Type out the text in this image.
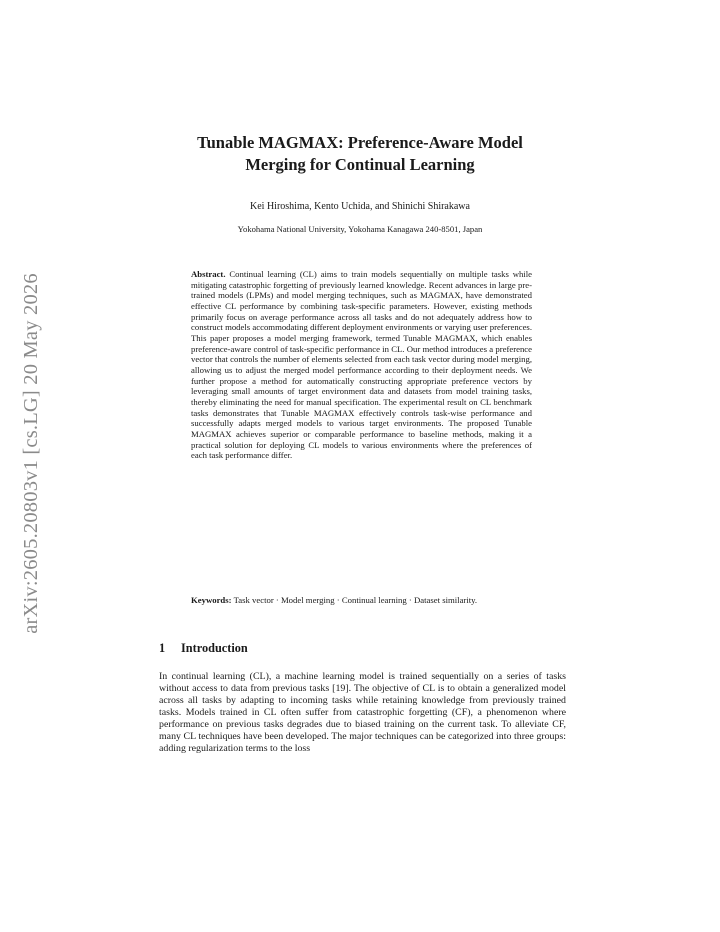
arXiv:2605.20803v1 [cs.LG] 20 May 2026
Tunable MAGMAX: Preference-Aware Model
Merging for Continual Learning
Kei Hiroshima, Kento Uchida, and Shinichi Shirakawa
Yokohama National University, Yokohama Kanagawa 240-8501, Japan

Abstract. Continual learning (CL) aims to train models sequentially on multiple tasks while mitigating catastrophic forgetting of previously learned knowledge. Recent advances in large pre-trained models (LPMs) and model merging techniques, such as MAGMAX, have demonstrated effective CL performance by combining task-specific parameters. However, existing methods primarily focus on average performance across all tasks and do not adequately address how to construct models accommodating different deployment environments or varying user preferences. This paper proposes a model merging framework, termed Tunable MAGMAX, which enables preference-aware control of task-specific performance in CL. Our method introduces a preference vector that controls the number of elements selected from each task vector during model merging, allowing us to adjust the merged model performance according to their deployment needs. We further propose a method for automatically constructing appropriate preference vectors by leveraging small amounts of target environment data and datasets from model training tasks, thereby eliminating the need for manual specification. The experimental result on CL benchmark tasks demonstrates that Tunable MAGMAX effectively controls task-wise performance and successfully adapts merged models to various target environments. The proposed Tunable MAGMAX achieves superior or comparable performance to baseline methods, making it a practical solution for deploying CL models to various environments where the preferences of each task performance differ.

Keywords: Task vector · Model merging · Continual learning · Dataset similarity.

1 Introduction

In continual learning (CL), a machine learning model is trained sequentially on a series of tasks without access to data from previous tasks [19]. The objective of CL is to obtain a generalized model across all tasks by adapting to incoming tasks while retaining knowledge from previously trained tasks. Models trained in CL often suffer from catastrophic forgetting (CF), a phenomenon where performance on previous tasks degrades due to biased training on the current task. To alleviate CF, many CL techniques have been developed. The major techniques can be categorized into three groups: adding regularization terms to the loss
